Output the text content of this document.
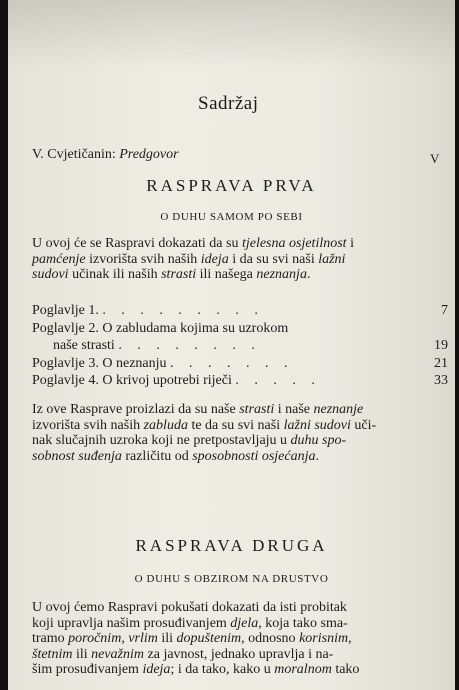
Sadržaj
V. Cvjetičanin: Predgovor	V
RASPRAVA PRVA
O DUHU SAMOM PO SEBI

U ovoj će se Raspravi dokazati da su tjelesna osjetilnost i

pamćenje izvorišta svih naših ideja i da su svi naši lažni

sudovi učinak ili naših strasti ili našega neznanja.

Poglavlje 1. . . . . . . . . .	7
Poglavlje 2. O zabludama kojima su uzrokom
naše strasti . . . . . . . .	19
Poglavlje 3. O neznanju . . . . . . .	21
Poglavlje 4. O krivoj upotrebi riječi . . . . .	33

Iz ove Rasprave proizlazi da su naše strasti i naše neznanje

izvorišta svih naših zabluda te da su svi naši lažni sudovi uči-

nak slučajnih uzroka koji ne pretpostavljaju u duhu spo-

sobnost suđenja različitu od sposobnosti osjećanja.

RASPRAVA DRUGA
O DUHU S OBZIROM NA DRUSTVO

U ovoj ćemo Raspravi pokušati dokazati da isti probitak

koji upravlja našim prosuđivanjem djela, koja tako sma-

tramo poročnim, vrlim ili dopuštenim, odnosno korisnim,

štetnim ili nevažnim za javnost, jednako upravlja i na-

šim prosuđivanjem ideja; i da tako, kako u moralnom tako
